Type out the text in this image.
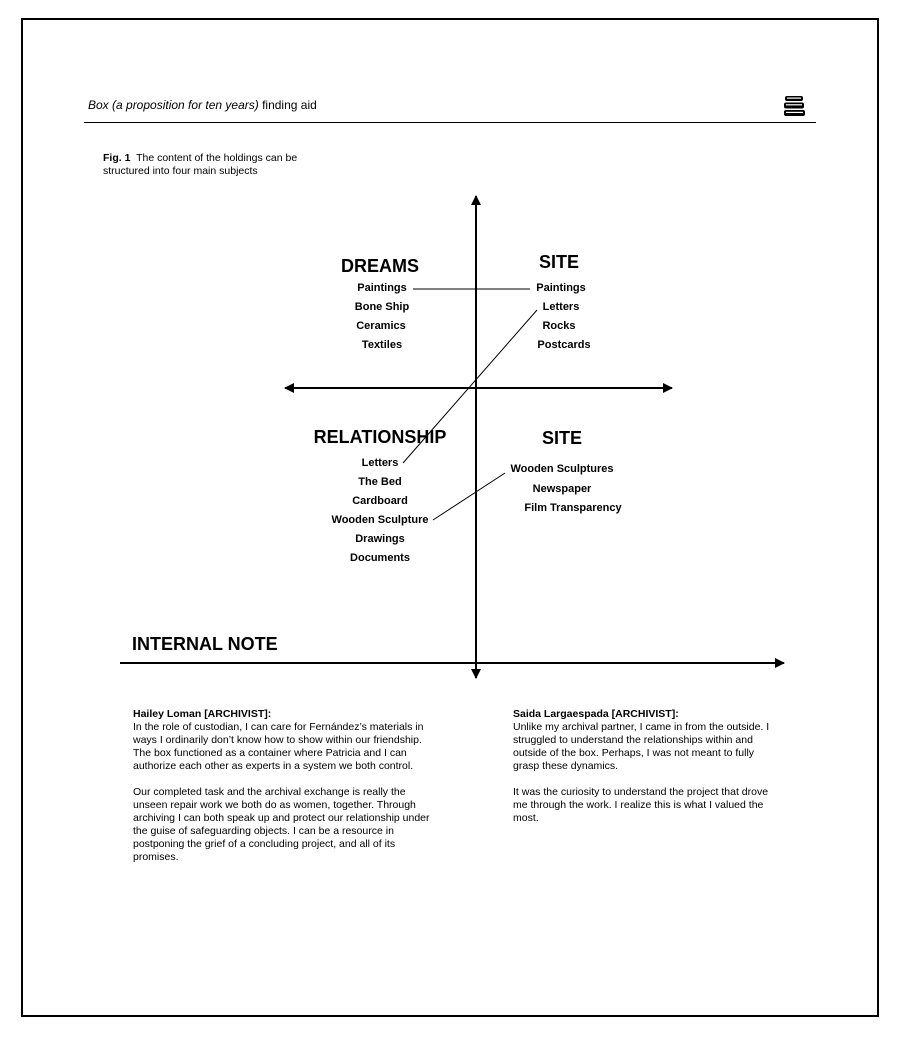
Box (a proposition for ten years) finding aid
Fig. 1 The content of the holdings can be structured into four main subjects
DREAMS	SITE
RELATIONSHIP	SITE
Paintings
Bone Ship
Ceramics
Textiles
Paintings
Letters
Rocks
Postcards
Letters
The Bed
Cardboard
Wooden Sculpture
Drawings
Documents
Wooden Sculptures
Newspaper
Film Transparency
INTERNAL NOTE
Hailey Loman [ARCHIVIST]:

In the role of custodian, I can care for Fernández’s materials in ways I ordinarily don’t know how to show within our friendship. The box functioned as a container where Patricia and I can authorize each other as experts in a system we both control.

Our completed task and the archival exchange is really the unseen repair work we both do as women, together. Through archiving I can both speak up and protect our relationship under the guise of safeguarding objects. I can be a resource in postponing the grief of a concluding project, and all of its promises.

Saida Largaespada [ARCHIVIST]:

Unlike my archival partner, I came in from the outside. I struggled to understand the relationships within and outside of the box. Perhaps, I was not meant to fully grasp these dynamics.

It was the curiosity to understand the project that drove me through the work. I realize this is what I valued the most.
